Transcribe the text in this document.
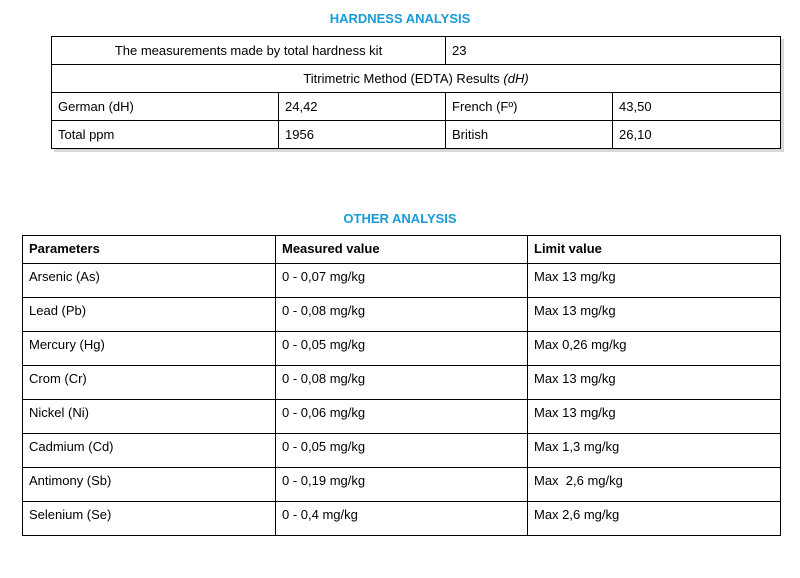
HARDNESS ANALYSIS
The measurements made by total hardness kit		23	
Titrimetric Method (EDTA) Results (dH)			
German (dH)	24,42	French (Fº)	43,50
Total ppm	1956	British	26,10
OTHER ANALYSIS
Parameters	Measured value	Limit value
Arsenic (As)	0 - 0,07 mg/kg	Max 13 mg/kg
Lead (Pb)	0 - 0,08 mg/kg	Max 13 mg/kg
Mercury (Hg)	0 - 0,05 mg/kg	Max 0,26 mg/kg
Crom (Cr)	0 - 0,08 mg/kg	Max 13 mg/kg
Nickel (Ni)	0 - 0,06 mg/kg	Max 13 mg/kg
Cadmium (Cd)	0 - 0,05 mg/kg	Max 1,3 mg/kg
Antimony (Sb)	0 - 0,19 mg/kg	Max  2,6 mg/kg
Selenium (Se)	0 - 0,4 mg/kg	Max 2,6 mg/kg
